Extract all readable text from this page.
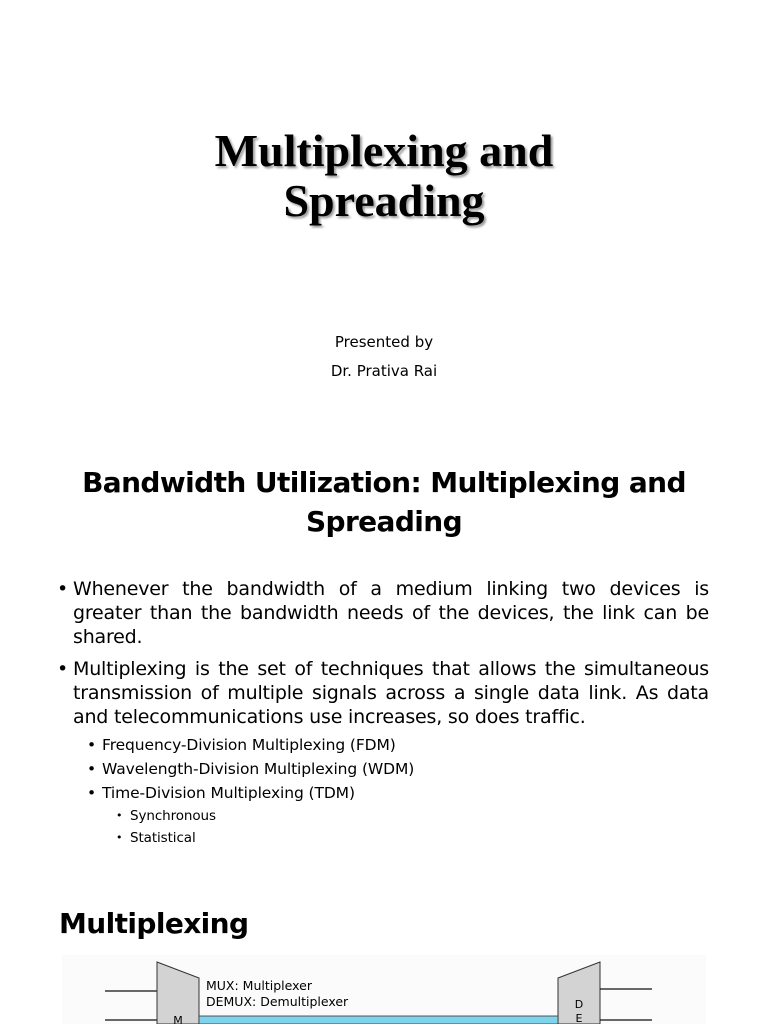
Multiplexing and
Spreading
Presented by
Dr. Prativa Rai
Bandwidth Utilization: Multiplexing and
Spreading
• Whenever the bandwidth of a medium linking two devices is greater than the bandwidth needs of the devices, the link can be shared.
• Multiplexing is the set of techniques that allows the simultaneous transmission of multiple signals across a single data link. As data and telecommunications use increases, so does traffic.
• Frequency-Division Multiplexing (FDM)
• Wavelength-Division Multiplexing (WDM)
• Time-Division Multiplexing (TDM)
• Synchronous
• Statistical
Multiplexing
M
D
E
MUX: Multiplexer
DEMUX: Demultiplexer
